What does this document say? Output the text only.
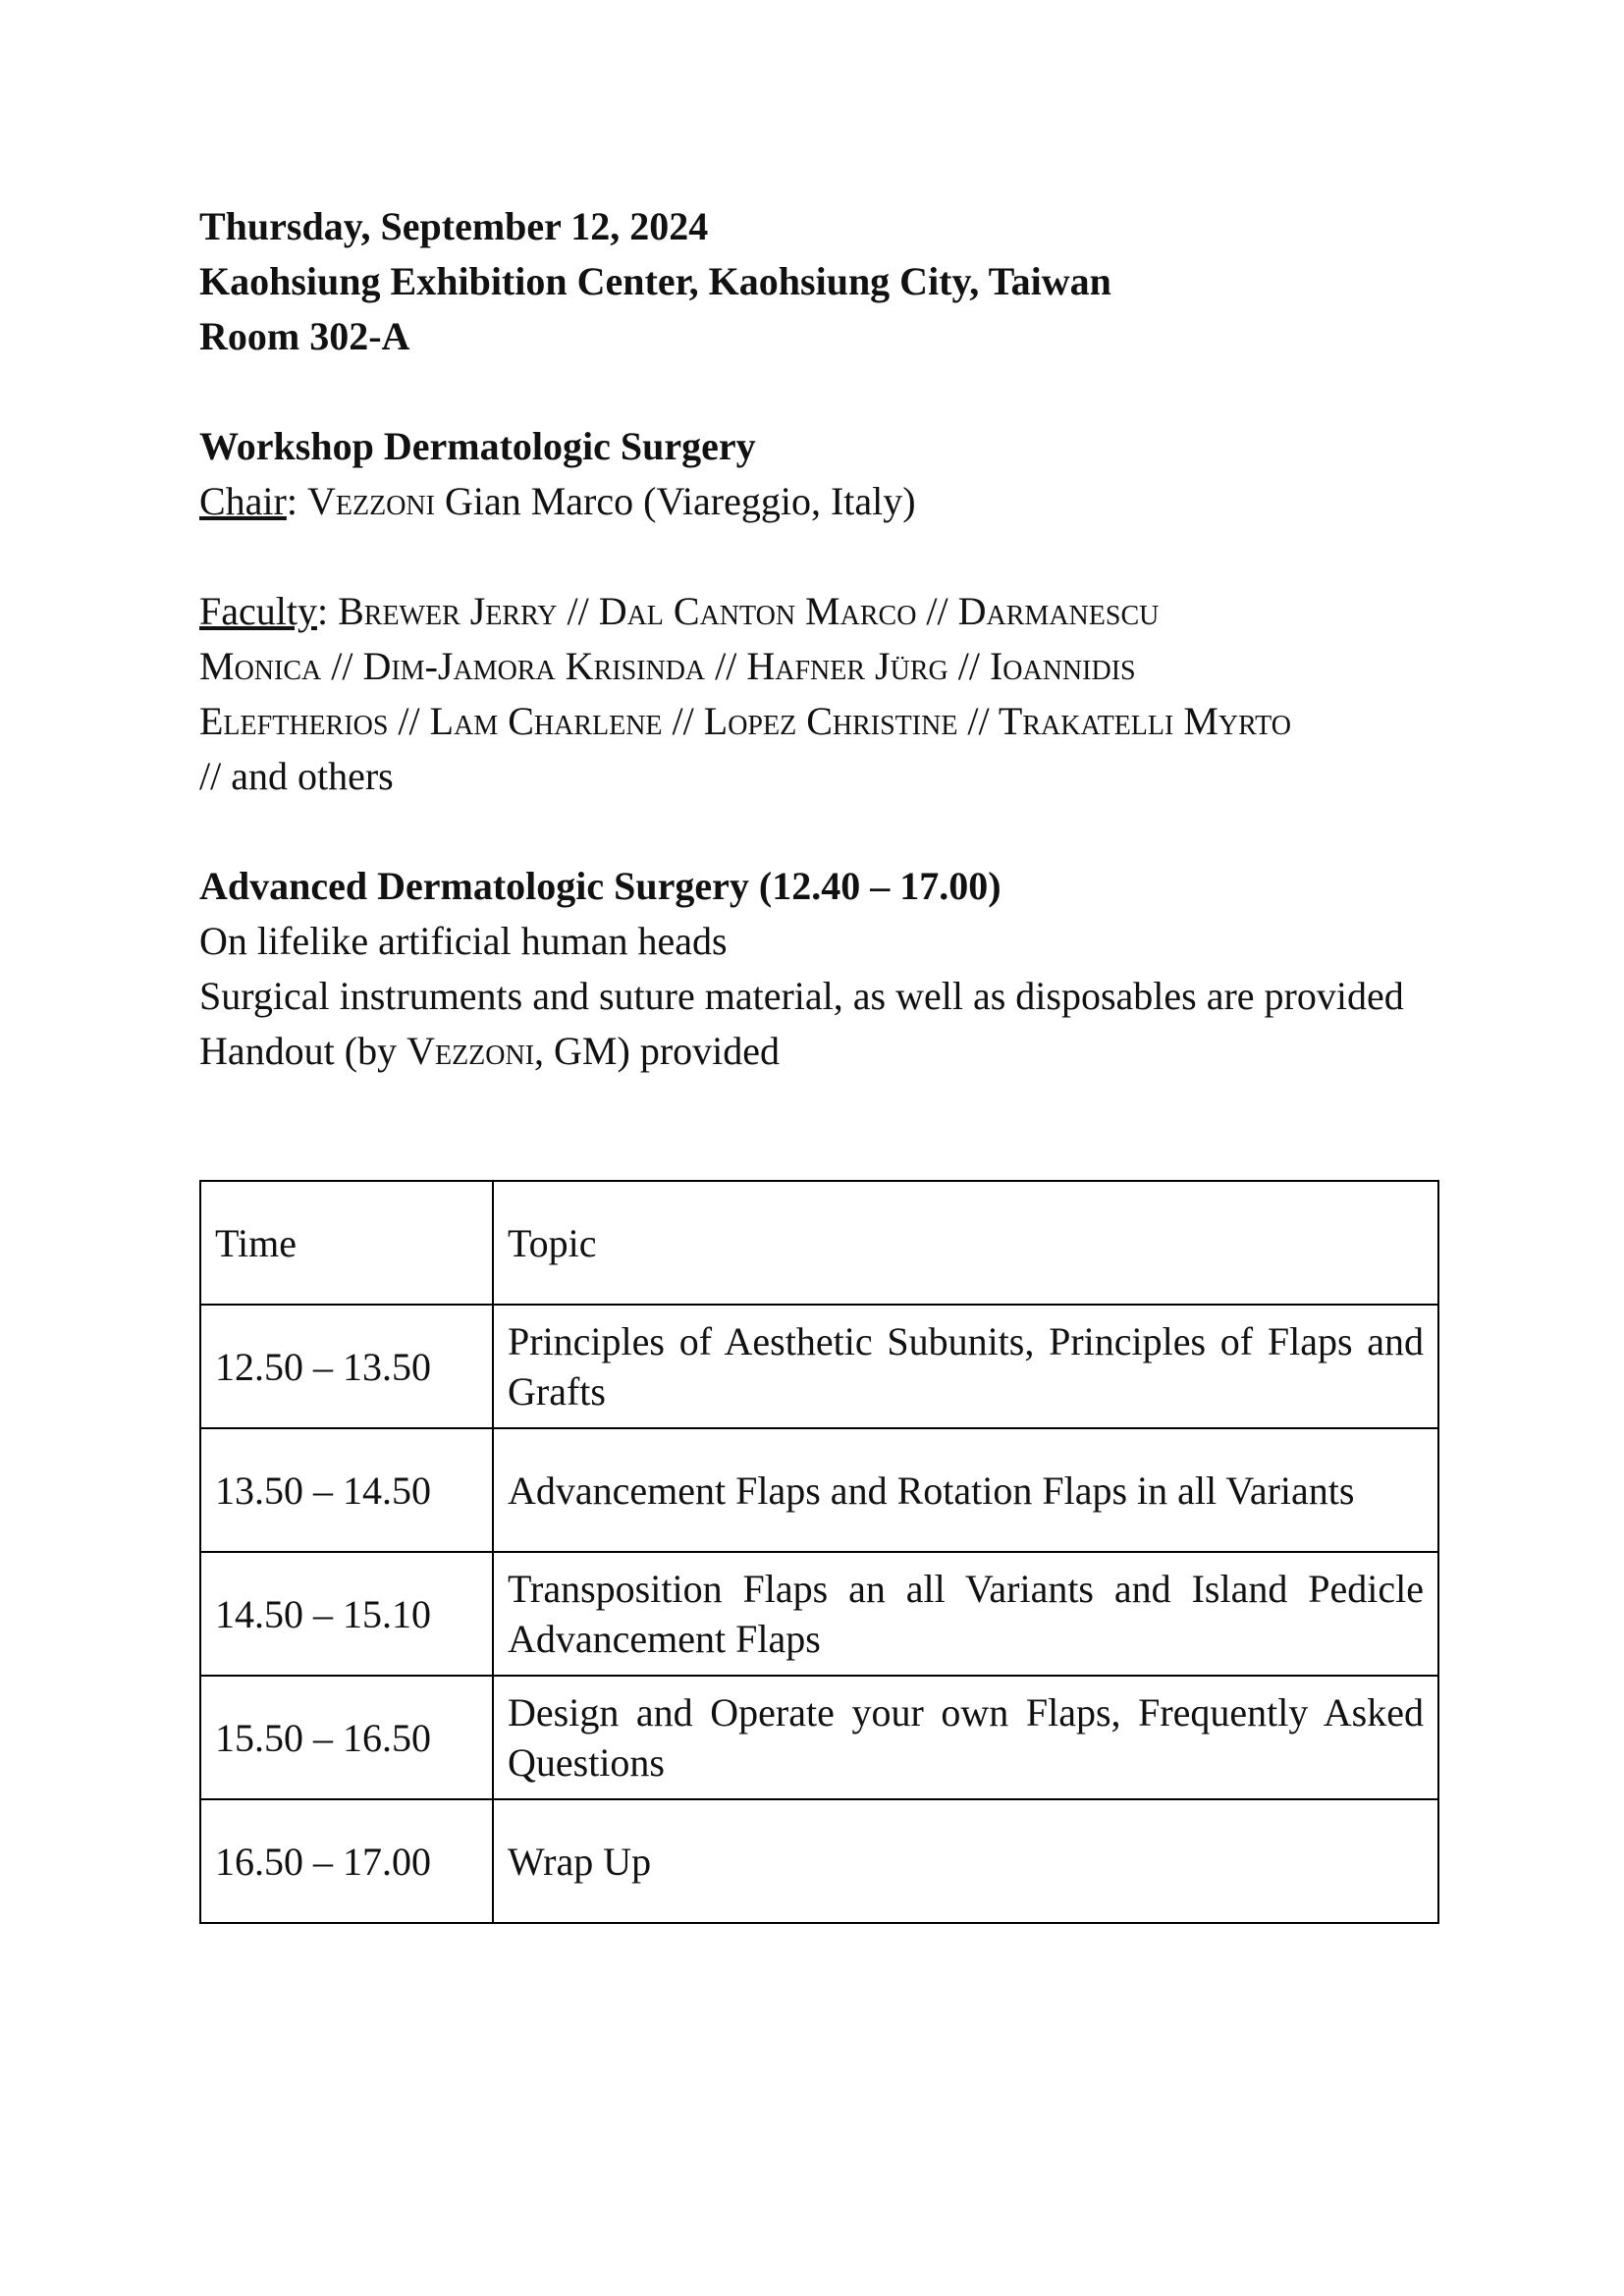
Thursday, September 12, 2024

Kaohsiung Exhibition Center, Kaohsiung City, Taiwan

Room 302-A

Workshop Dermatologic Surgery

Chair: Vezzoni Gian Marco (Viareggio, Italy)

Faculty: Brewer Jerry // Dal Canton Marco // Darmanescu

Monica // Dim-Jamora Krisinda // Hafner Jürg // Ioannidis

Eleftherios // Lam Charlene // Lopez Christine // Trakatelli Myrto

// and others

Advanced Dermatologic Surgery (12.40 – 17.00)

On lifelike artificial human heads

Surgical instruments and suture material, as well as disposables are provided

Handout (by Vezzoni, GM) provided

Time	Topic
12.50 – 13.50	Principles of Aesthetic Subunits, Principles of Flaps and Grafts
13.50 – 14.50	Advancement Flaps and Rotation Flaps in all Variants
14.50 – 15.10	Transposition Flaps an all Variants and Island Pedicle Advancement Flaps
15.50 – 16.50	Design and Operate your own Flaps, Frequently Asked Questions
16.50 – 17.00	Wrap Up
